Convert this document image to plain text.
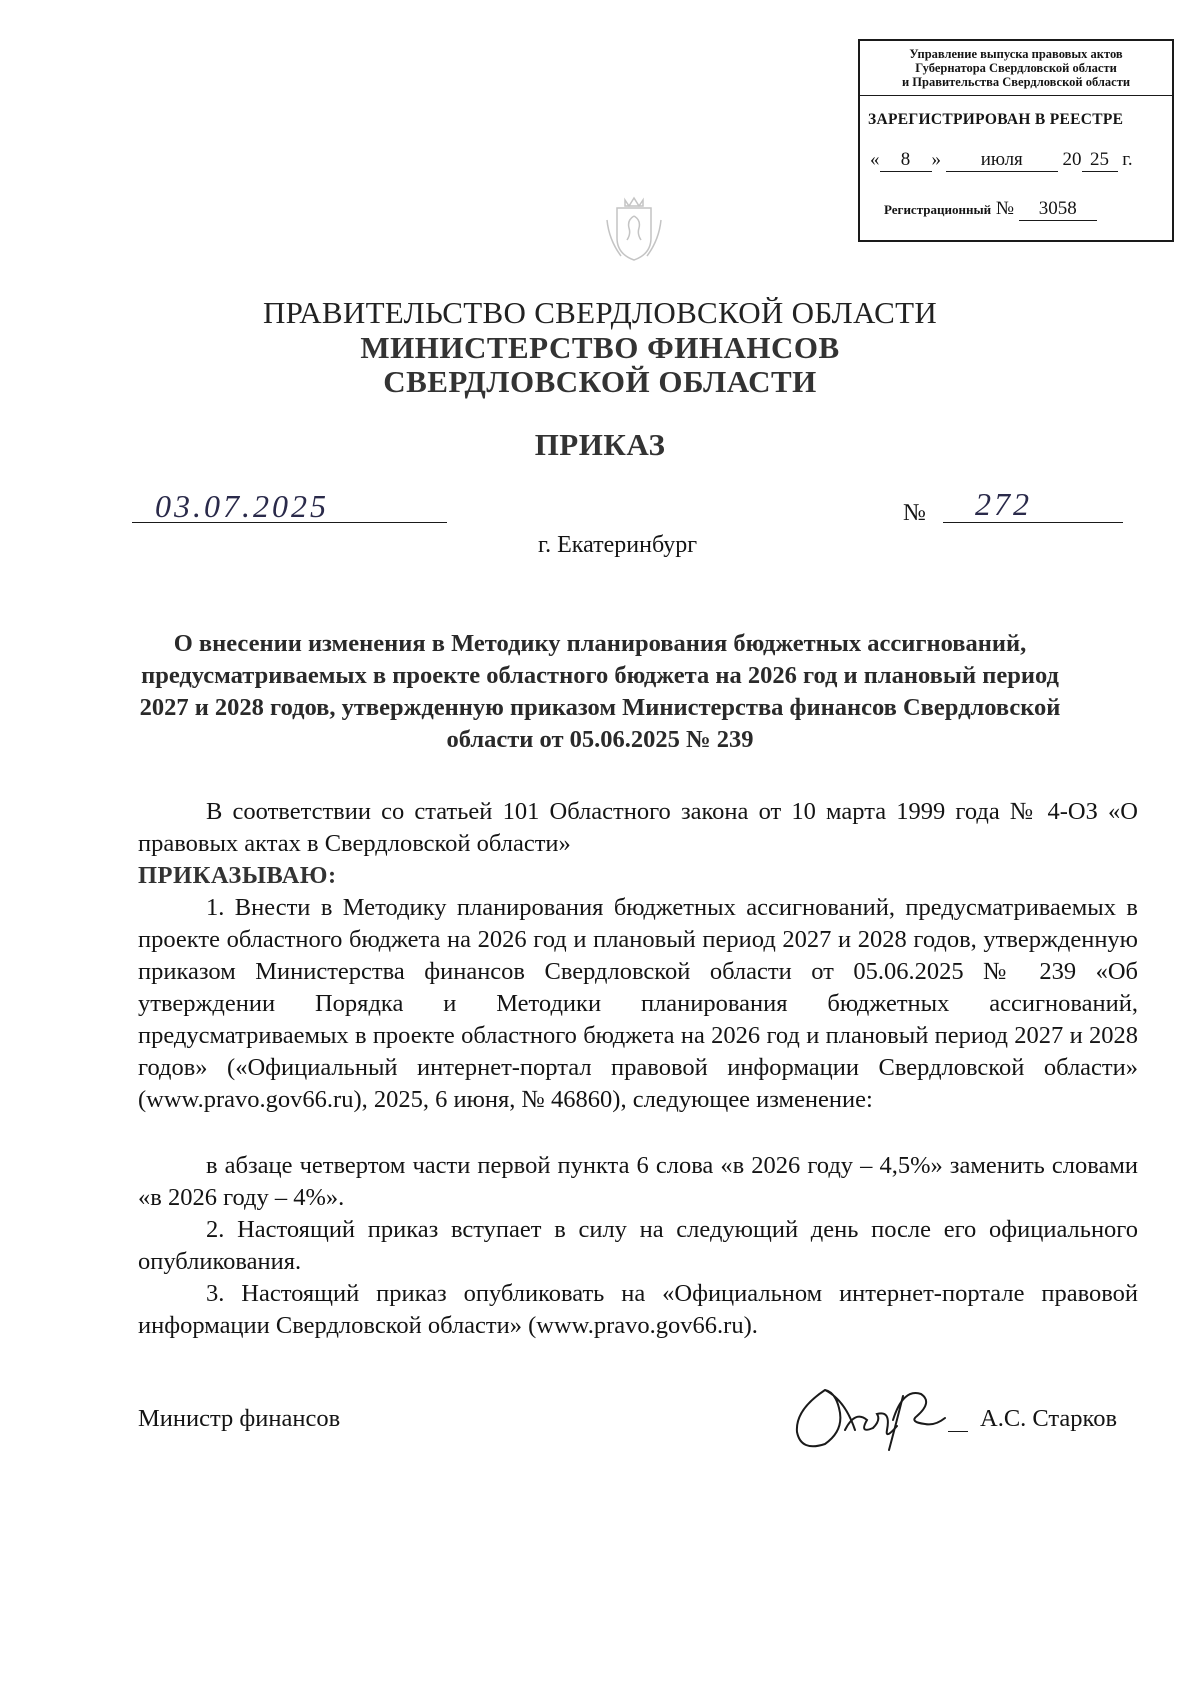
Управление выпуска правовых актов
Губернатора Свердловской области
и Правительства Свердловской области
ЗАРЕГИСТРИРОВАН В РЕЕСТРЕ
« 8 » июля 20 25 г.
Регистрационный № 3058
ПРАВИТЕЛЬСТВО СВЕРДЛОВСКОЙ ОБЛАСТИ
МИНИСТЕРСТВО ФИНАНСОВ
СВЕРДЛОВСКОЙ ОБЛАСТИ
ПРИКАЗ
03.07.2025	№ 272
г. Екатеринбург
О внесении изменения в Методику планирования бюджетных ассигнований, предусматриваемых в проекте областного бюджета на 2026 год и плановый период 2027 и 2028 годов, утвержденную приказом Министерства финансов Свердловской области от 05.06.2025 № 239
В соответствии со статьей 101 Областного закона от 10 марта 1999 года № 4-ОЗ «О правовых актах в Свердловской области»
ПРИКАЗЫВАЮ:
1. Внести в Методику планирования бюджетных ассигнований, предусматриваемых в проекте областного бюджета на 2026 год и плановый период 2027 и 2028 годов, утвержденную приказом Министерства финансов Свердловской области от 05.06.2025 № 239 «Об утверждении Порядка и Методики планирования бюджетных ассигнований, предусматриваемых в проекте областного бюджета на 2026 год и плановый период 2027 и 2028 годов» («Официальный интернет-портал правовой информации Свердловской области» (www.pravo.gov66.ru), 2025, 6 июня, № 46860), следующее изменение:
в абзаце четвертом части первой пункта 6 слова «в 2026 году – 4,5%» заменить словами «в 2026 году – 4%».
2. Настоящий приказ вступает в силу на следующий день после его официального опубликования.
3. Настоящий приказ опубликовать на «Официальном интернет-портале правовой информации Свердловской области» (www.pravo.gov66.ru).
Министр финансов	А.С. Старков
